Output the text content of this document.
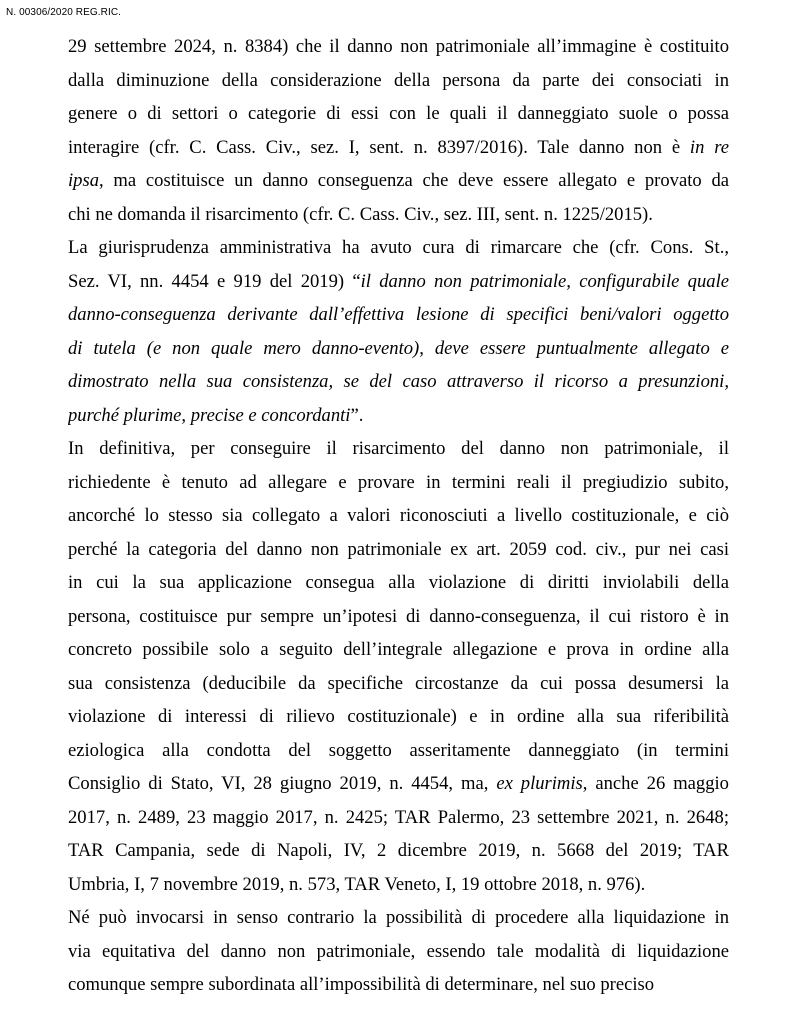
N. 00306/2020 REG.RIC.
29 settembre 2024, n. 8384) che il danno non patrimoniale all’immagine è costituito
dalla diminuzione della considerazione della persona da parte dei consociati in
genere o di settori o categorie di essi con le quali il danneggiato suole o possa
interagire (cfr. C. Cass. Civ., sez. I, sent. n. 8397/2016). Tale danno non è in re
ipsa, ma costituisce un danno conseguenza che deve essere allegato e provato da
chi ne domanda il risarcimento (cfr. C. Cass. Civ., sez. III, sent. n. 1225/2015).
La giurisprudenza amministrativa ha avuto cura di rimarcare che (cfr. Cons. St.,
Sez. VI, nn. 4454 e 919 del 2019) “il danno non patrimoniale, configurabile quale
danno-conseguenza derivante dall’effettiva lesione di specifici beni/valori oggetto
di tutela (e non quale mero danno-evento), deve essere puntualmente allegato e
dimostrato nella sua consistenza, se del caso attraverso il ricorso a presunzioni,
purché plurime, precise e concordanti”.
In definitiva, per conseguire il risarcimento del danno non patrimoniale, il
richiedente è tenuto ad allegare e provare in termini reali il pregiudizio subito,
ancorché lo stesso sia collegato a valori riconosciuti a livello costituzionale, e ciò
perché la categoria del danno non patrimoniale ex art. 2059 cod. civ., pur nei casi
in cui la sua applicazione consegua alla violazione di diritti inviolabili della
persona, costituisce pur sempre un’ipotesi di danno-conseguenza, il cui ristoro è in
concreto possibile solo a seguito dell’integrale allegazione e prova in ordine alla
sua consistenza (deducibile da specifiche circostanze da cui possa desumersi la
violazione di interessi di rilievo costituzionale) e in ordine alla sua riferibilità
eziologica alla condotta del soggetto asseritamente danneggiato (in termini
Consiglio di Stato, VI, 28 giugno 2019, n. 4454, ma, ex plurimis, anche 26 maggio
2017, n. 2489, 23 maggio 2017, n. 2425; TAR Palermo, 23 settembre 2021, n. 2648;
TAR Campania, sede di Napoli, IV, 2 dicembre 2019, n. 5668 del 2019; TAR
Umbria, I, 7 novembre 2019, n. 573, TAR Veneto, I, 19 ottobre 2018, n. 976).
Né può invocarsi in senso contrario la possibilità di procedere alla liquidazione in
via equitativa del danno non patrimoniale, essendo tale modalità di liquidazione
comunque sempre subordinata all’impossibilità di determinare, nel suo preciso
